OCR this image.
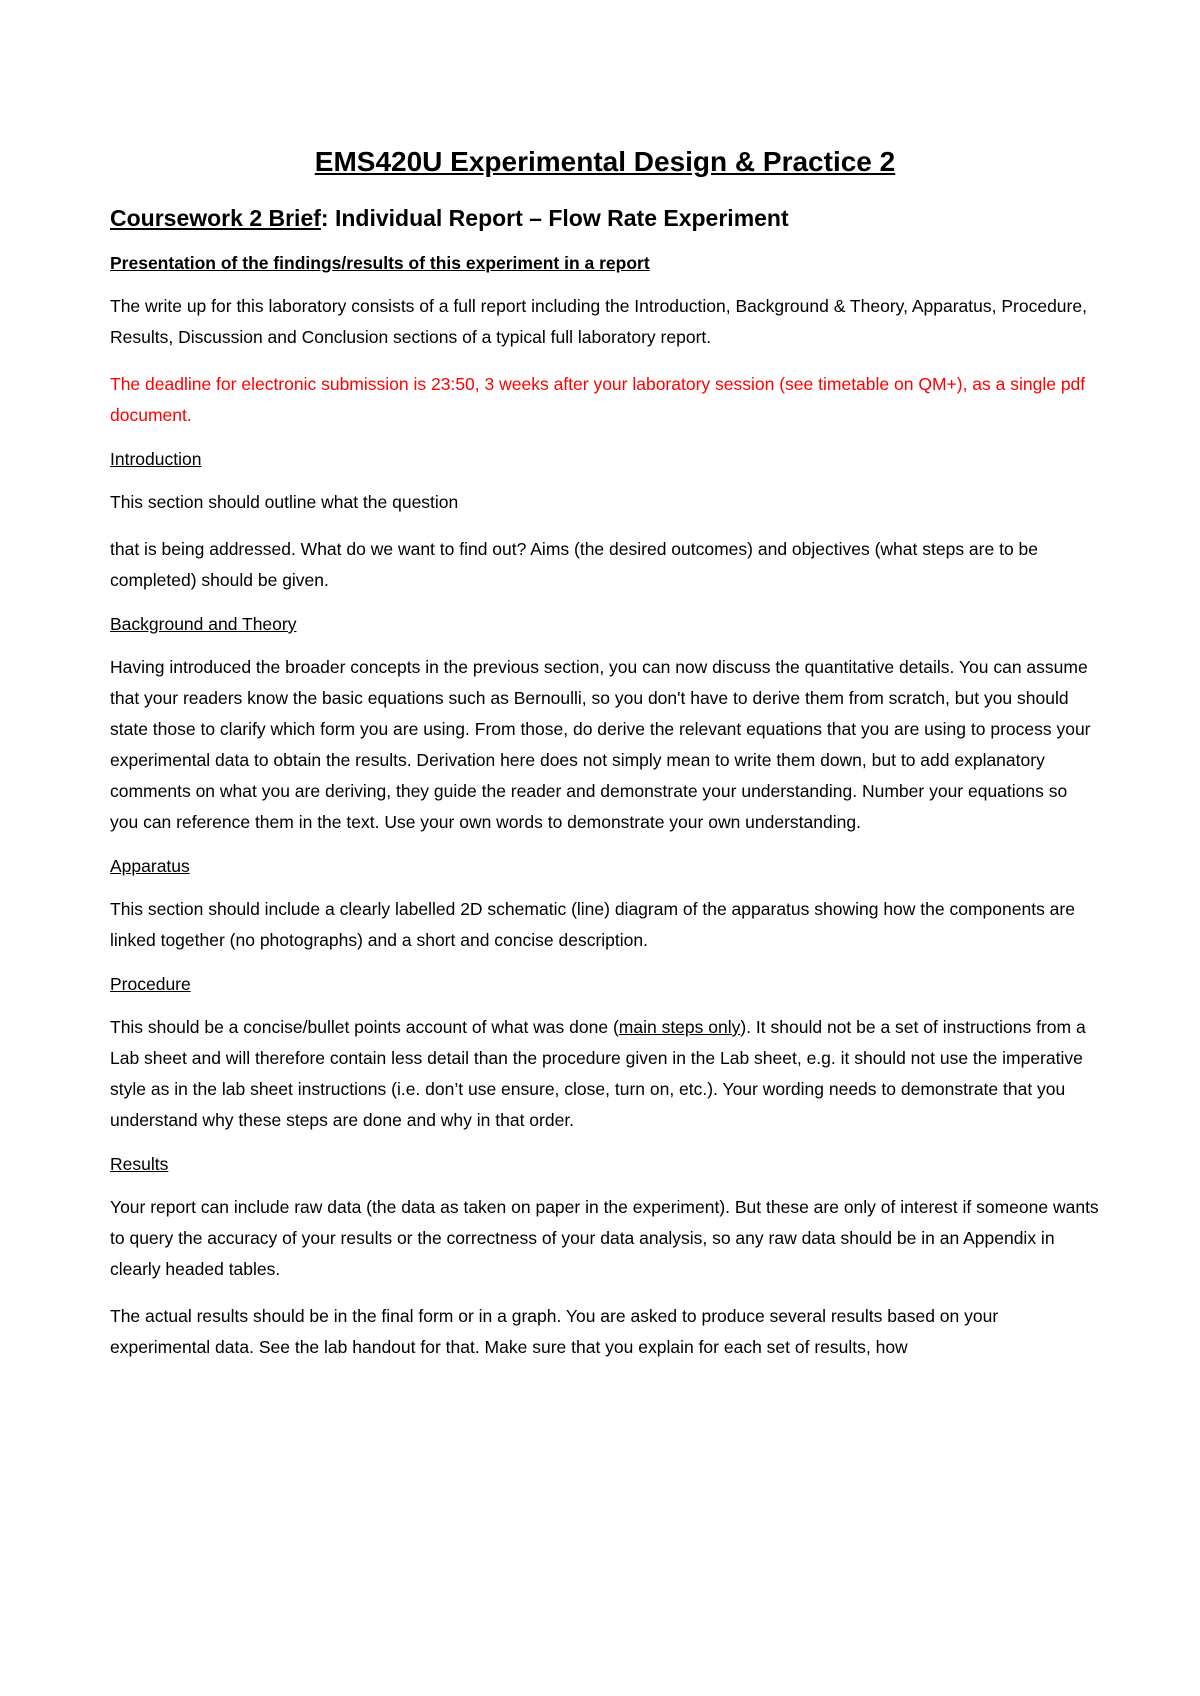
EMS420U Experimental Design & Practice 2
Coursework 2 Brief: Individual Report – Flow Rate Experiment
Presentation of the findings/results of this experiment in a report

The write up for this laboratory consists of a full report including the Introduction, Background & Theory, Apparatus, Procedure, Results, Discussion and Conclusion sections of a typical full laboratory report.

The deadline for electronic submission is 23:50, 3 weeks after your laboratory session (see timetable on QM+), as a single pdf document.

Introduction

This section should outline what the question

that is being addressed. What do we want to find out? Aims (the desired outcomes) and objectives (what steps are to be completed) should be given.

Background and Theory

Having introduced the broader concepts in the previous section, you can now discuss the quantitative details. You can assume that your readers know the basic equations such as Bernoulli, so you don't have to derive them from scratch, but you should state those to clarify which form you are using. From those, do derive the relevant equations that you are using to process your experimental data to obtain the results. Derivation here does not simply mean to write them down, but to add explanatory comments on what you are deriving, they guide the reader and demonstrate your understanding. Number your equations so you can reference them in the text. Use your own words to demonstrate your own understanding.

Apparatus

This section should include a clearly labelled 2D schematic (line) diagram of the apparatus showing how the components are linked together (no photographs) and a short and concise description.

Procedure

This should be a concise/bullet points account of what was done (main steps only). It should not be a set of instructions from a Lab sheet and will therefore contain less detail than the procedure given in the Lab sheet, e.g. it should not use the imperative style as in the lab sheet instructions (i.e. don’t use ensure, close, turn on, etc.). Your wording needs to demonstrate that you understand why these steps are done and why in that order.

Results

Your report can include raw data (the data as taken on paper in the experiment). But these are only of interest if someone wants to query the accuracy of your results or the correctness of your data analysis, so any raw data should be in an Appendix in clearly headed tables.

The actual results should be in the final form or in a graph. You are asked to produce several results based on your experimental data. See the lab handout for that. Make sure that you explain for each set of results, how
